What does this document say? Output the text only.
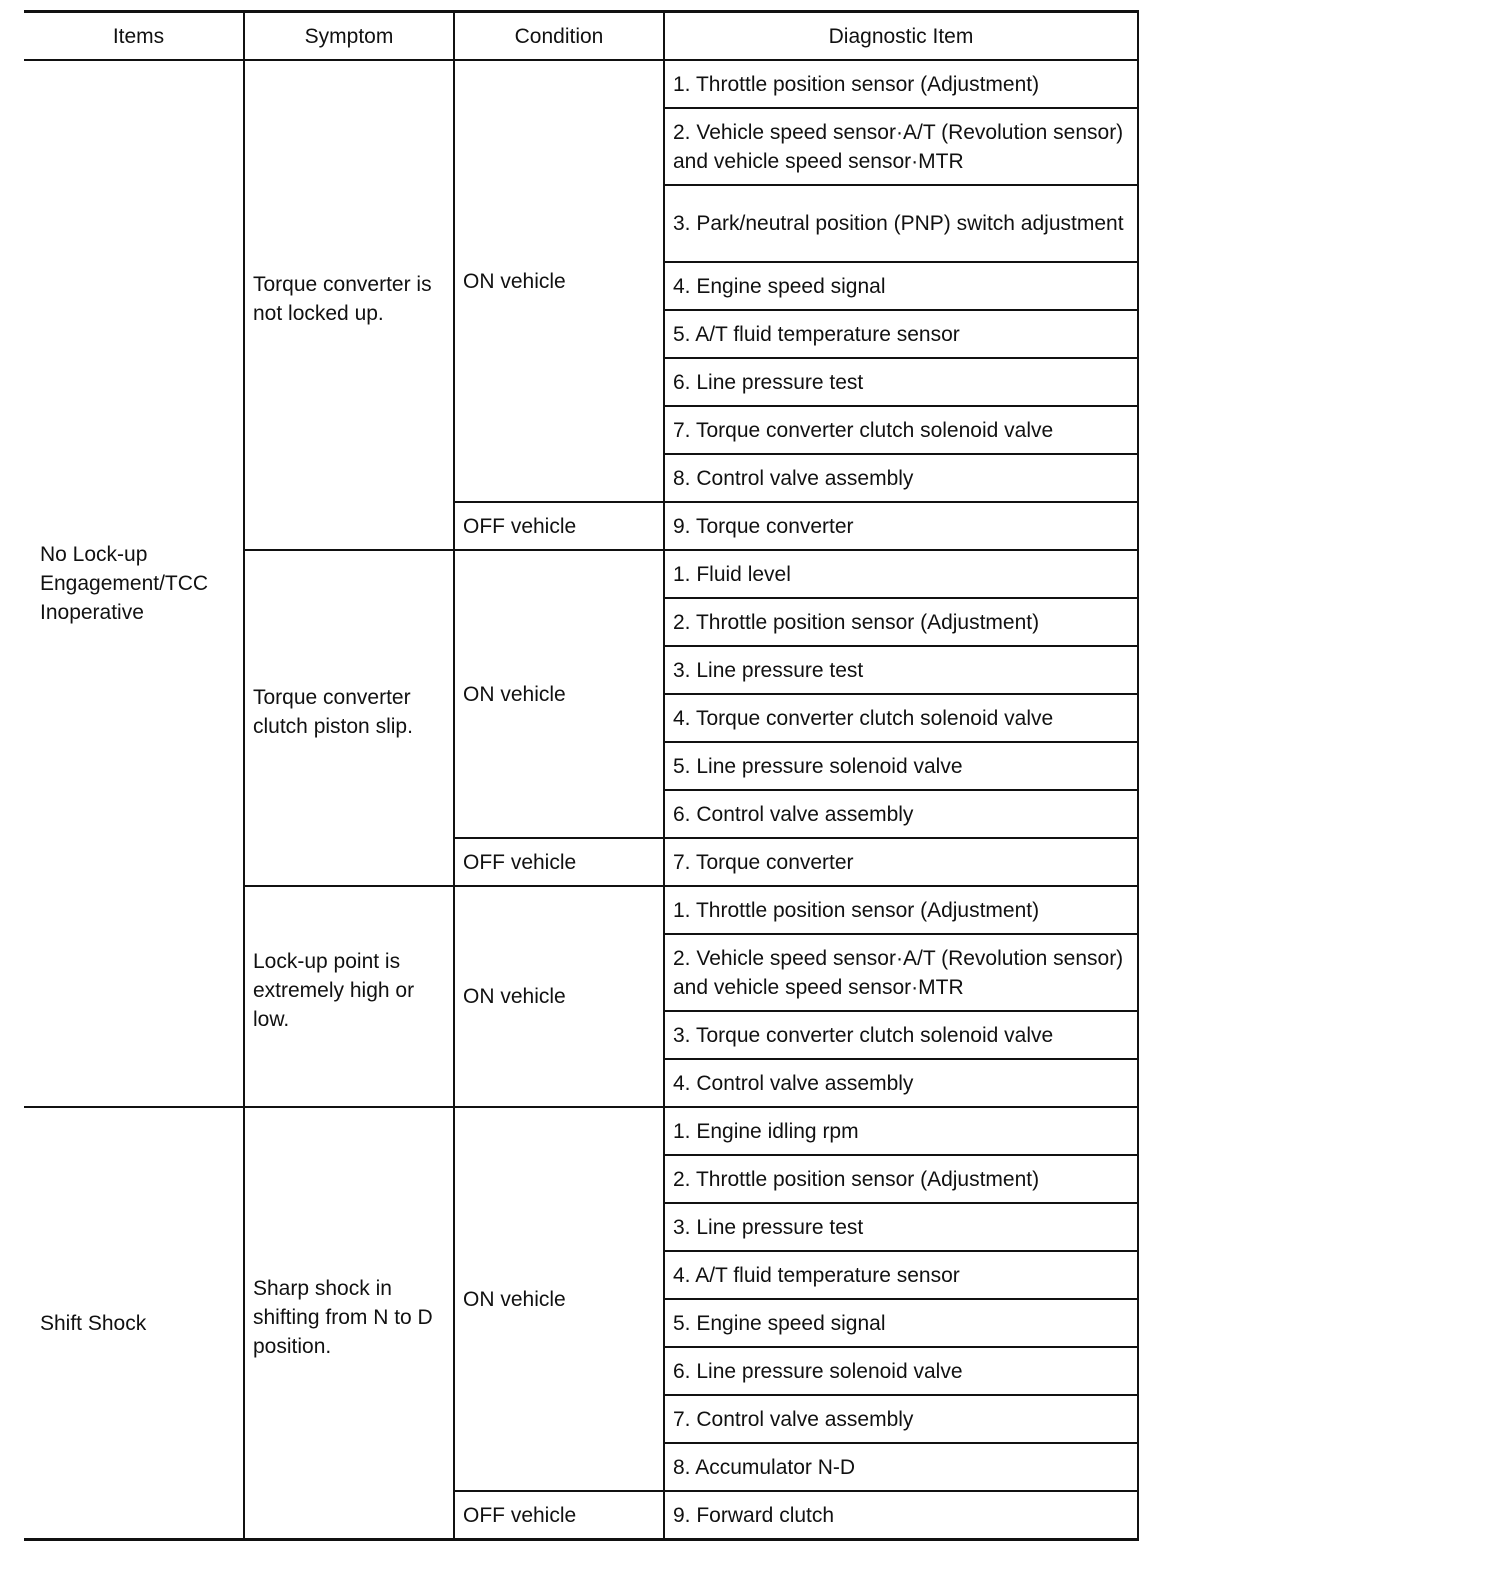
Items	Symptom	Condition	Diagnostic Item
No Lock-up Engagement/TCC Inoperative	Torque converter is not locked up.	ON vehicle	1. Throttle position sensor (Adjustment)
			2. Vehicle speed sensor·A/T (Revolution sensor) and vehicle speed sensor·MTR
			3. Park/neutral position (PNP) switch adjustment
			4. Engine speed signal
			5. A/T fluid temperature sensor
			6. Line pressure test
			7. Torque converter clutch solenoid valve
			8. Control valve assembly
		OFF vehicle	9. Torque converter
	Torque converter clutch piston slip.	ON vehicle	1. Fluid level
			2. Throttle position sensor (Adjustment)
			3. Line pressure test
			4. Torque converter clutch solenoid valve
			5. Line pressure solenoid valve
			6. Control valve assembly
		OFF vehicle	7. Torque converter
	Lock-up point is extremely high or low.	ON vehicle	1. Throttle position sensor (Adjustment)
			2. Vehicle speed sensor·A/T (Revolution sensor) and vehicle speed sensor·MTR
			3. Torque converter clutch solenoid valve
			4. Control valve assembly
Shift Shock	Sharp shock in shifting from N to D position.	ON vehicle	1. Engine idling rpm
			2. Throttle position sensor (Adjustment)
			3. Line pressure test
			4. A/T fluid temperature sensor
			5. Engine speed signal
			6. Line pressure solenoid valve
			7. Control valve assembly
			8. Accumulator N-D
		OFF vehicle	9. Forward clutch
